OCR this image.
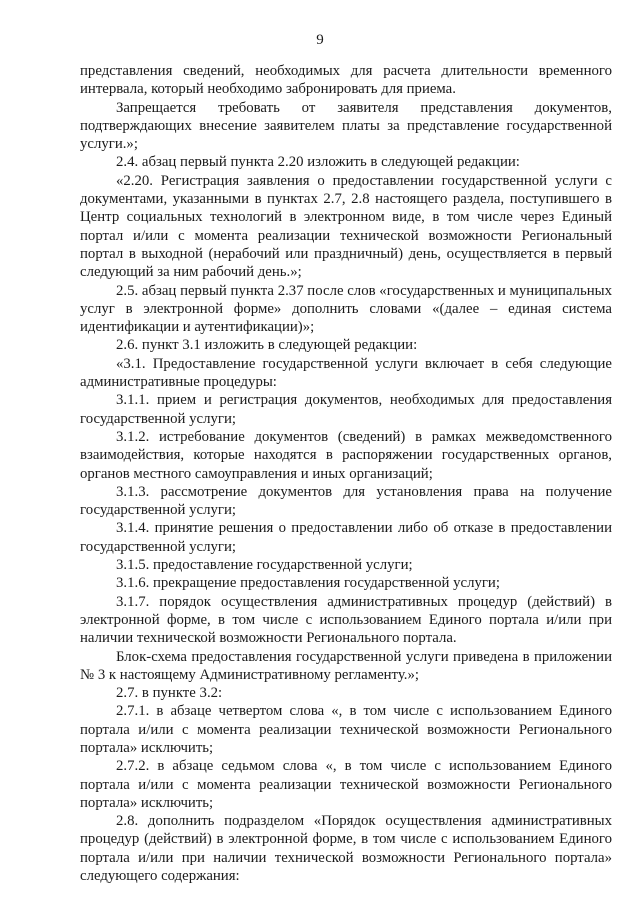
9

представления сведений, необходимых для расчета длительности временного интервала, который необходимо забронировать для приема.

Запрещается требовать от заявителя представления документов, подтверждающих внесение заявителем платы за представление государственной услуги.»;

2.4. абзац первый пункта 2.20 изложить в следующей редакции:

«2.20. Регистрация заявления о предоставлении государственной услуги с документами, указанными в пунктах 2.7, 2.8 настоящего раздела, поступившего в Центр социальных технологий в электронном виде, в том числе через Единый портал и/или с момента реализации технической возможности Региональный портал в выходной (нерабочий или праздничный) день, осуществляется в первый следующий за ним рабочий день.»;

2.5. абзац первый пункта 2.37 после слов «государственных и муниципальных услуг в электронной форме» дополнить словами «(далее – единая система идентификации и аутентификации)»;

2.6. пункт 3.1 изложить в следующей редакции:

«3.1. Предоставление государственной услуги включает в себя следующие административные процедуры:

3.1.1. прием и регистрация документов, необходимых для предоставления государственной услуги;

3.1.2. истребование документов (сведений) в рамках межведомственного взаимодействия, которые находятся в распоряжении государственных органов, органов местного самоуправления и иных организаций;

3.1.3. рассмотрение документов для установления права на получение государственной услуги;

3.1.4. принятие решения о предоставлении либо об отказе в предоставлении государственной услуги;

3.1.5. предоставление государственной услуги;

3.1.6. прекращение предоставления государственной услуги;

3.1.7. порядок осуществления административных процедур (действий) в электронной форме, в том числе с использованием Единого портала и/или при наличии технической возможности Регионального портала.

Блок-схема предоставления государственной услуги приведена в приложении № 3 к настоящему Административному регламенту.»;

2.7. в пункте 3.2:

2.7.1. в абзаце четвертом слова «, в том числе с использованием Единого портала и/или с момента реализации технической возможности Регионального портала» исключить;

2.7.2. в абзаце седьмом слова «, в том числе с использованием Единого портала и/или с момента реализации технической возможности Регионального портала» исключить;

2.8. дополнить подразделом «Порядок осуществления административных процедур (действий) в электронной форме, в том числе с использованием Единого портала и/или при наличии технической возможности Регионального портала» следующего содержания:
